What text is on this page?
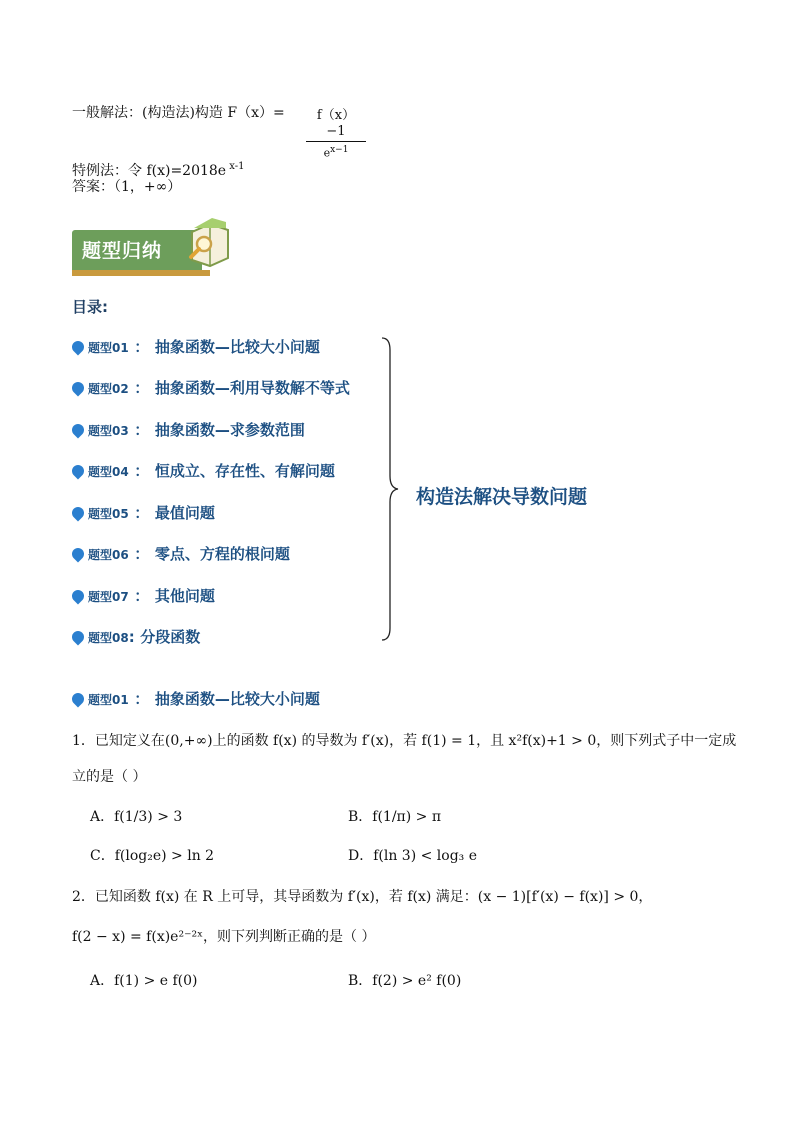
一般解法：(构造法)构造 F（x）=	f（x）−1
$e^{x-1}$
特例法：令 f(x)=2018e $^{x-1}$
答案：（1，+∞）
题型归纳
目录:
题型01 ： 抽象函数—比较大小问题
题型02 ： 抽象函数—利用导数解不等式
题型03 ： 抽象函数—求参数范围
题型04 ： 恒成立、存在性、有解问题
题型05 ： 最值问题
题型06 ： 零点、方程的根问题
题型07 ： 其他问题
题型08: 分段函数
构造法解决导数问题
题型01 ： 抽象函数—比较大小问题
1．已知定义在(0,+∞)上的函数 f(x) 的导数为 f′(x)，若 f(1) = 1，且 x²f(x)+1 > 0，则下列式子中一定成
立的是（ ）
A．f(1/3) > 3	B．f(1/π) > π
C．f(log₂e) > ln 2	D．f(ln 3) < log₃ e
2．已知函数 f(x) 在 R 上可导，其导函数为 f′(x)，若 f(x) 满足：(x − 1)[f′(x) − f(x)] > 0，
f(2 − x) = f(x)e²⁻²ˣ，则下列判断正确的是（ ）
A．f(1) > e f(0)	B．f(2) > e² f(0)
